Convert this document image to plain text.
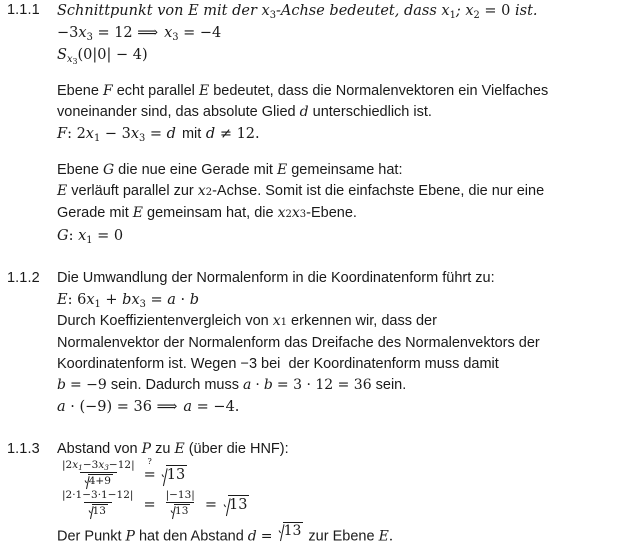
1.1.1	Schnittpunkt von E mit der $x_3$-Achse bedeutet, dass $x_1$; $x_2 = 0$ ist.
$-3x_3 = 12$ ⟹ $x_3 = -4$
$S_{x_3}(0|0| - 4)$
Ebene F echt parallel E bedeutet, dass die Normalenvektoren ein Vielfaches
voneinander sind, das absolute Glied d unterschiedlich ist.
F: $2x_1 - 3x_3 = d$ mit d ≠ 12.
Ebene G die nue eine Gerade mit E gemeinsame hat:
E verläuft parallel zur x2-Achse. Somit ist die einfachste Ebene, die nur eine
Gerade mit E gemeinsam hat, die x2x3-Ebene.
G: $x_1 = 0$
1.1.2	Die Umwandlung der Normalenform in die Koordinatenform führt zu:
E: $6x_1 + bx_3 = a \cdot b$
Durch Koeffizientenvergleich von x1 erkennen wir, dass der
Normalenvektor der Normalenform das Dreifache des Normalenvektors der
Koordinatenform ist. Wegen −3 bei  der Koordinatenform muss damit
b = −9 sein. Dadurch muss a · b = 3 · 12 = 36 sein.
a · (−9) = 36 ⟹ a = −4.
1.1.3	Abstand von P zu E (über die HNF):
$\frac{|2x_1-3x_3-12|}{4+9}$ ?
= 13
$\frac{|2\cdot 1-3\cdot 1-12|}{13} = \frac{|-13|}{13} = 13$
Der Punkt P hat den Abstand d = 13 zur Ebene E.
